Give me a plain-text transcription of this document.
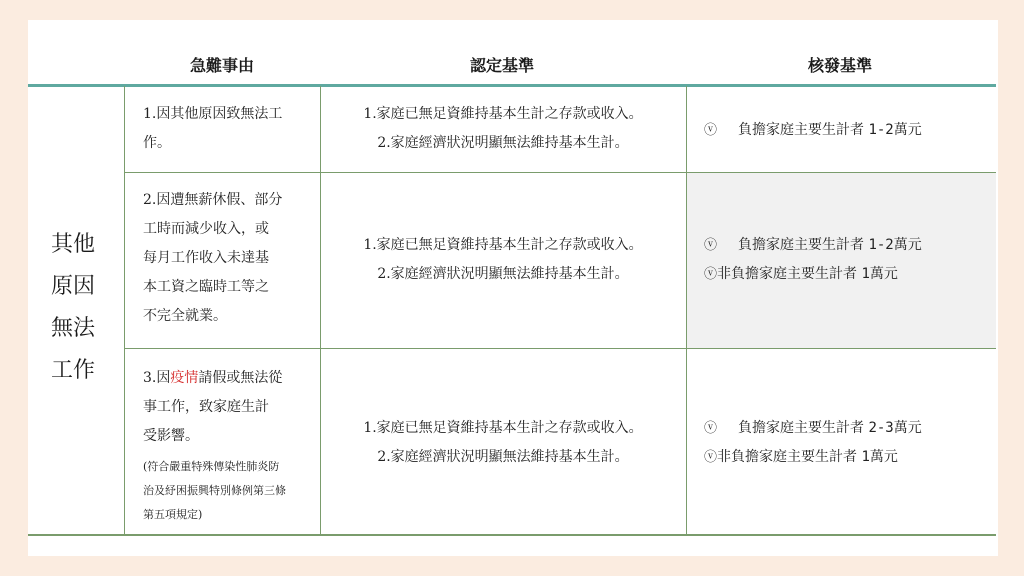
急難事由	認定基準	核發基準
其他
原因
無法
工作
1.因其他原因致無法工
作。
1.家庭已無足資維持基本生計之存款或收入。
2.家庭經濟狀況明顯無法維持基本生計。
ⓥ 負擔家庭主要生計者 1-2萬元
2.因遭無薪休假、部分
工時而減少收入，或
每月工作收入未達基
本工資之臨時工等之
不完全就業。
1.家庭已無足資維持基本生計之存款或收入。
2.家庭經濟狀況明顯無法維持基本生計。
ⓥ 負擔家庭主要生計者 1-2萬元
ⓥ非負擔家庭主要生計者 1萬元
3.因疫情請假或無法從
事工作，致家庭生計
受影響。
(符合嚴重特殊傳染性肺炎防
治及紓困振興特別條例第三條
第五項規定)
1.家庭已無足資維持基本生計之存款或收入。
2.家庭經濟狀況明顯無法維持基本生計。
ⓥ 負擔家庭主要生計者 2-3萬元
ⓥ非負擔家庭主要生計者 1萬元
